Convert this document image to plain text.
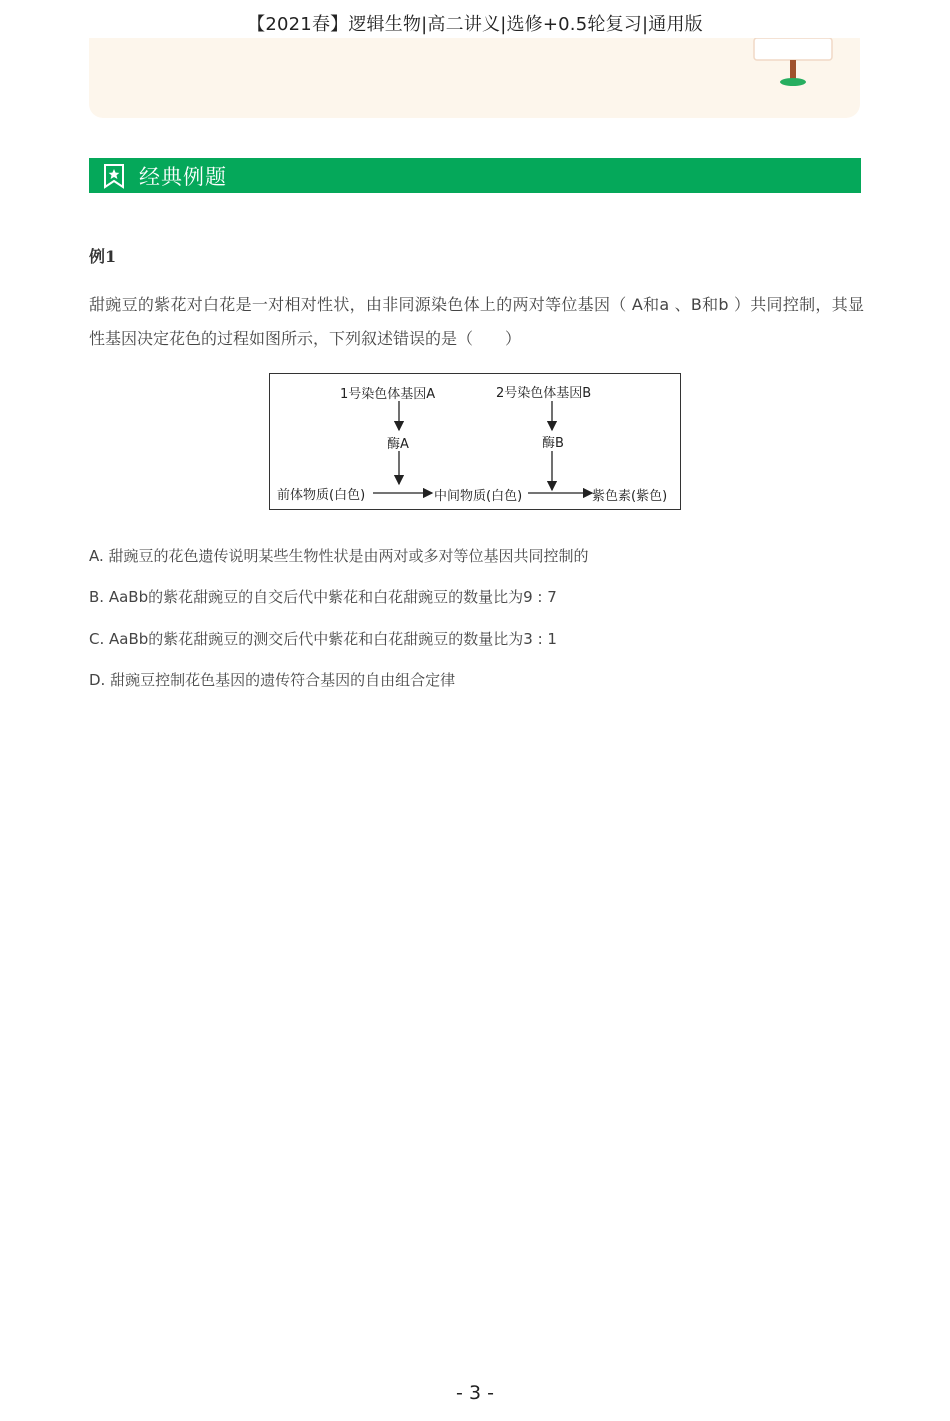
【2021春】逻辑生物|高二讲义|选修+0.5轮复习|通用版
经典例题
例1
甜豌豆的紫花对白花是一对相对性状，由非同源染色体上的两对等位基因（ A和a 、B和b ）共同控制，其显性基因决定花色的过程如图所示，下列叙述错误的是（　　）
1号染色体基因A	2号染色体基因B
酶A	酶B
前体物质(白色)	中间物质(白色)	紫色素(紫色)
A. 甜豌豆的花色遗传说明某些生物性状是由两对或多对等位基因共同控制的
B. AaBb的紫花甜豌豆的自交后代中紫花和白花甜豌豆的数量比为9 : 7
C. AaBb的紫花甜豌豆的测交后代中紫花和白花甜豌豆的数量比为3 : 1
D. 甜豌豆控制花色基因的遗传符合基因的自由组合定律
- 3 -
